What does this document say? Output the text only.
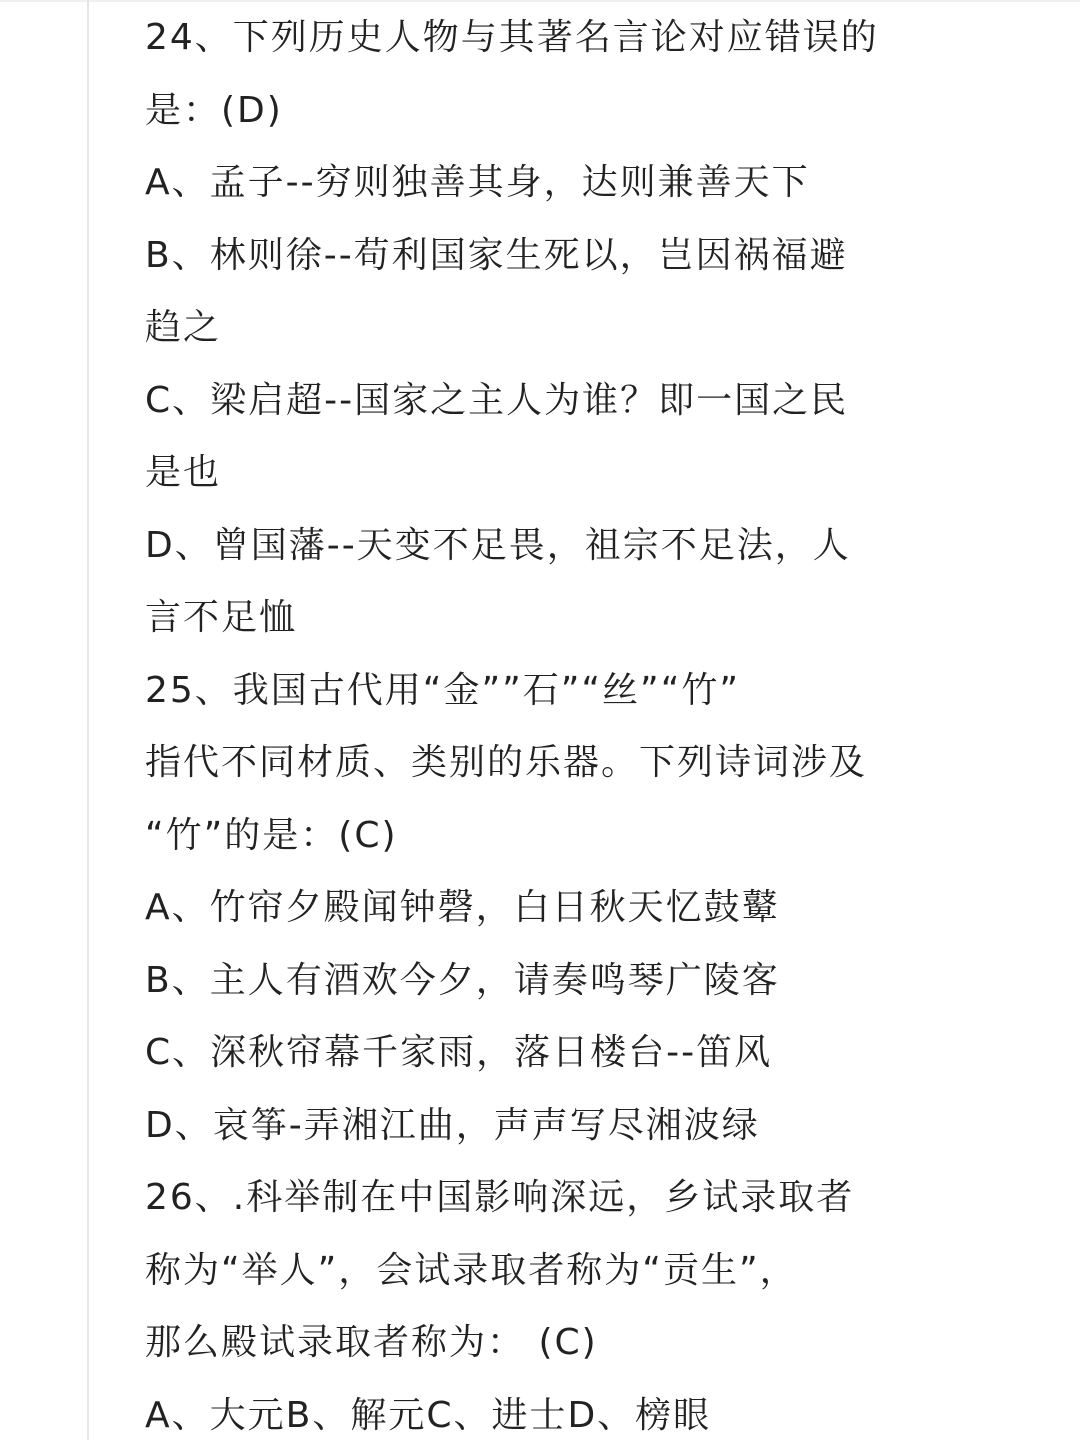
24、下列历史人物与其著名言论对应错误的
是：(D)
A、孟子--穷则独善其身，达则兼善天下
B、林则徐--苟利国家生死以，岂因祸福避
趋之
C、梁启超--国家之主人为谁？即一国之民
是也
D、曾国藩--天变不足畏，祖宗不足法，人
言不足恤
25、我国古代用“金””石”“丝”“竹”
指代不同材质、类别的乐器。下列诗词涉及
“竹”的是：(C)
A、竹帘夕殿闻钟磬，白日秋天忆鼓鼙
B、主人有酒欢今夕，请奏鸣琴广陵客
C、深秋帘幕千家雨，落日楼台--笛风
D、哀筝-弄湘江曲，声声写尽湘波绿
26、.科举制在中国影响深远，乡试录取者
称为“举人”，会试录取者称为“贡生”，
那么殿试录取者称为： (C)
A、大元B、解元C、进士D、榜眼
